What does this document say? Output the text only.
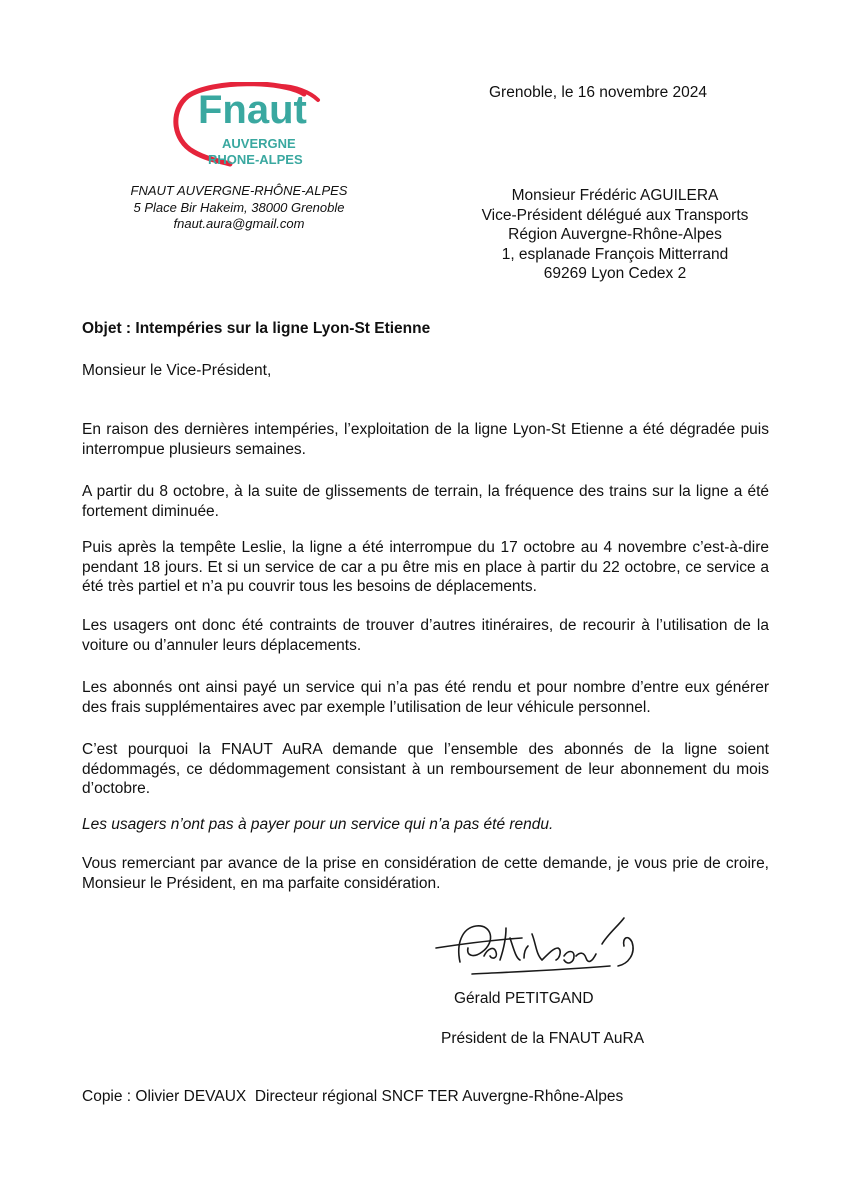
Fnaut
AUVERGNE
RHONE-ALPES
FNAUT AUVERGNE-RHÔNE-ALPES
5 Place Bir Hakeim, 38000 Grenoble
fnaut.aura@gmail.com
Grenoble, le 16 novembre 2024
Monsieur Frédéric AGUILERA
Vice-Président délégué aux Transports
Région Auvergne-Rhône-Alpes
1, esplanade François Mitterrand
69269 Lyon Cedex 2
Objet : Intempéries sur la ligne Lyon-St Etienne
Monsieur le Vice-Président,
En raison des dernières intempéries, l’exploitation de la ligne Lyon-St Etienne a été dégradée puis interrompue plusieurs semaines.
A partir du 8 octobre, à la suite de glissements de terrain, la fréquence des trains sur la ligne a été fortement diminuée.
Puis après la tempête Leslie, la ligne a été interrompue du 17 octobre au 4 novembre c’est-à-dire pendant 18 jours. Et si un service de car a pu être mis en place à partir du 22 octobre, ce service a été très partiel et n’a pu couvrir tous les besoins de déplacements.
Les usagers ont donc été contraints de trouver d’autres itinéraires, de recourir à l’utilisation de la voiture ou d’annuler leurs déplacements.
Les abonnés ont ainsi payé un service qui n’a pas été rendu et pour nombre d’entre eux générer des frais supplémentaires avec par exemple l’utilisation de leur véhicule personnel.
C’est pourquoi la FNAUT AuRA demande que l’ensemble des abonnés de la ligne soient dédommagés, ce dédommagement consistant à un remboursement de leur abonnement du mois d’octobre.
Les usagers n’ont pas à payer pour un service qui n’a pas été rendu.
Vous remerciant par avance de la prise en considération de cette demande, je vous prie de croire, Monsieur le Président, en ma parfaite considération.
Gérald PETITGAND
Président de la FNAUT AuRA
Copie : Olivier DEVAUX  Directeur régional SNCF TER Auvergne-Rhône-Alpes
